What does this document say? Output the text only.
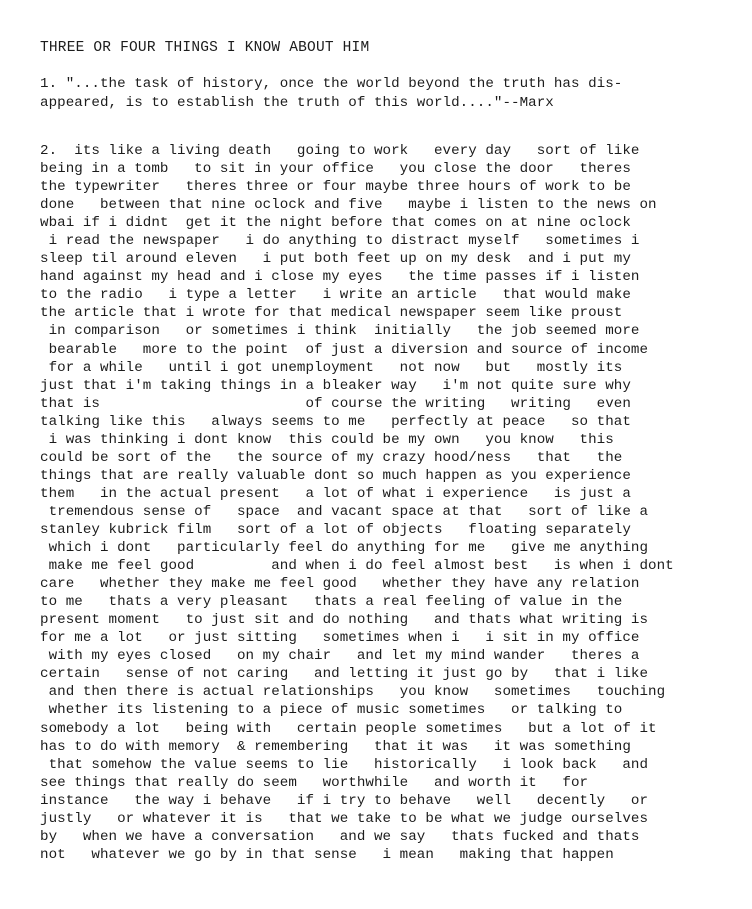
THREE OR FOUR THINGS I KNOW ABOUT HIM
1. "...the task of history, once the world beyond the truth has dis-
appeared, is to establish the truth of this world...."--Marx
2.  its like a living death   going to work   every day   sort of like
being in a tomb   to sit in your office   you close the door   theres
the typewriter   theres three or four maybe three hours of work to be
done   between that nine oclock and five   maybe i listen to the news on
wbai if i didnt  get it the night before that comes on at nine oclock
i read the newspaper   i do anything to distract myself   sometimes i
sleep til around eleven   i put both feet up on my desk  and i put my
hand against my head and i close my eyes   the time passes if i listen
to the radio   i type a letter   i write an article   that would make
the article that i wrote for that medical newspaper seem like proust
in comparison   or sometimes i think  initially   the job seemed more
bearable   more to the point  of just a diversion and source of income
for a while   until i got unemployment   not now   but   mostly its
just that i'm taking things in a bleaker way   i'm not quite sure why
that is                        of course the writing   writing   even
talking like this   always seems to me   perfectly at peace   so that
i was thinking i dont know  this could be my own   you know   this
could be sort of the   the source of my crazy hood/ness   that   the
things that are really valuable dont so much happen as you experience
them   in the actual present   a lot of what i experience   is just a
tremendous sense of   space  and vacant space at that   sort of like a
stanley kubrick film   sort of a lot of objects   floating separately
which i dont   particularly feel do anything for me   give me anything
make me feel good         and when i do feel almost best   is when i dont
care   whether they make me feel good   whether they have any relation
to me   thats a very pleasant   thats a real feeling of value in the
present moment   to just sit and do nothing   and thats what writing is
for me a lot   or just sitting   sometimes when i   i sit in my office
with my eyes closed   on my chair   and let my mind wander   theres a
certain   sense of not caring   and letting it just go by   that i like
and then there is actual relationships   you know   sometimes   touching
whether its listening to a piece of music sometimes   or talking to
somebody a lot   being with   certain people sometimes   but a lot of it
has to do with memory  & remembering   that it was   it was something
that somehow the value seems to lie   historically   i look back   and
see things that really do seem   worthwhile   and worth it   for
instance   the way i behave   if i try to behave   well   decently   or
justly   or whatever it is   that we take to be what we judge ourselves
by   when we have a conversation   and we say   thats fucked and thats
not   whatever we go by in that sense   i mean   making that happen
